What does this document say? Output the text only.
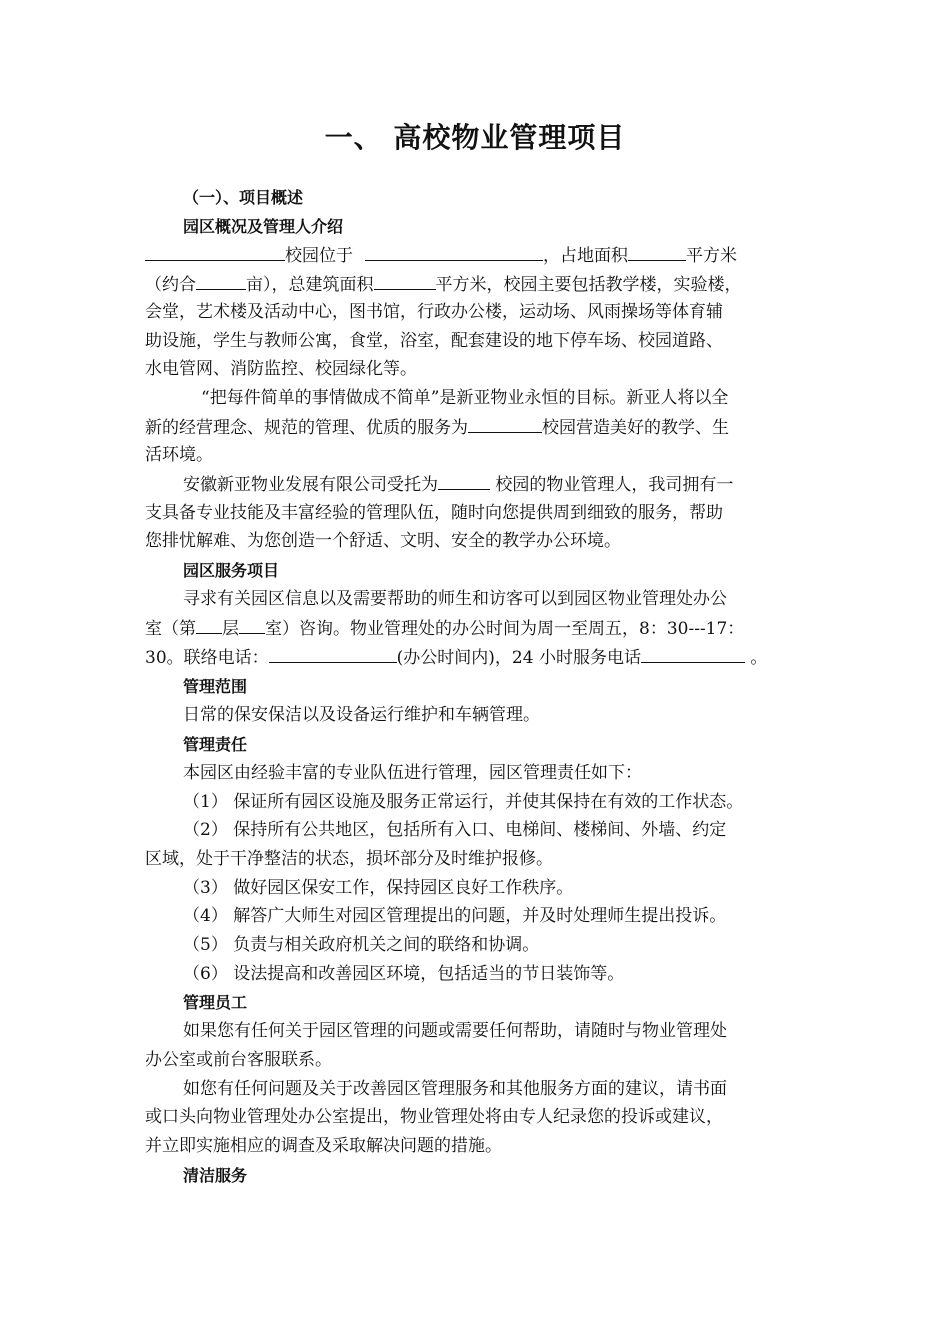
一、 高校物业管理项目
（一）、项目概述
园区概况及管理人介绍
校园位于	，占地面积	平方米
（约合	亩），总建筑面积	平方米，校园主要包括教学楼，实验楼，
会堂，艺术楼及活动中心，图书馆，行政办公楼，运动场、风雨操场等体育辅
助设施，学生与教师公寓，食堂，浴室，配套建设的地下停车场、校园道路、
水电管网、消防监控、校园绿化等。
“把每件简单的事情做成不简单”是新亚物业永恒的目标。新亚人将以全
新的经营理念、规范的管理、优质的服务为	校园营造美好的教学、生
活环境。
安徽新亚物业发展有限公司受托为	校园的物业管理人，我司拥有一
支具备专业技能及丰富经验的管理队伍，随时向您提供周到细致的服务，帮助
您排忧解难、为您创造一个舒适、文明、安全的教学办公环境。
园区服务项目
寻求有关园区信息以及需要帮助的师生和访客可以到园区物业管理处办公
室（第 层 室）咨询。物业管理处的办公时间为周一至周五，8：30---17：
30。联络电话：	(办公时间内)，24 小时服务电话	。
管理范围
日常的保安保洁以及设备运行维护和车辆管理。
管理责任
本园区由经验丰富的专业队伍进行管理，园区管理责任如下：
（1） 保证所有园区设施及服务正常运行，并使其保持在有效的工作状态。
（2） 保持所有公共地区，包括所有入口、电梯间、楼梯间、外墙、约定
区域，处于干净整洁的状态，损坏部分及时维护报修。
（3） 做好园区保安工作，保持园区良好工作秩序。
（4） 解答广大师生对园区管理提出的问题，并及时处理师生提出投诉。
（5） 负责与相关政府机关之间的联络和协调。
（6） 设法提高和改善园区环境，包括适当的节日装饰等。
管理员工
如果您有任何关于园区管理的问题或需要任何帮助，请随时与物业管理处
办公室或前台客服联系。
如您有任何问题及关于改善园区管理服务和其他服务方面的建议，请书面
或口头向物业管理处办公室提出，物业管理处将由专人纪录您的投诉或建议，
并立即实施相应的调查及采取解决问题的措施。
清洁服务
